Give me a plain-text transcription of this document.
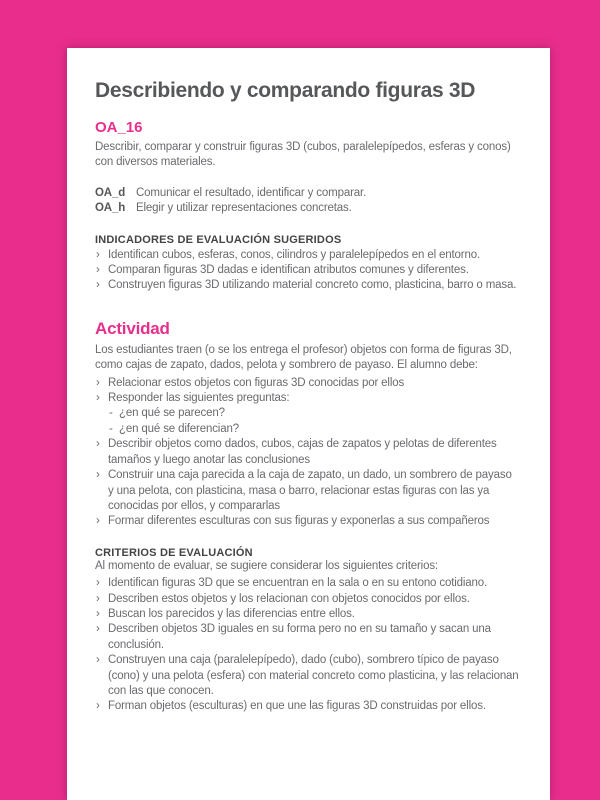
Describiendo y comparando figuras 3D
OA_16

Describir, comparar y construir figuras 3D (cubos, paralelepípedos, esferas y conos) con diversos materiales.

OA_d Comunicar el resultado, identificar y comparar.
OA_h Elegir y utilizar representaciones concretas.
INDICADORES DE EVALUACIÓN SUGERIDOS
› Identifican cubos, esferas, conos, cilindros y paralelepípedos en el entorno.
› Comparan figuras 3D dadas e identifican atributos comunes y diferentes.
› Construyen figuras 3D utilizando material concreto como, plasticina, barro o masa.
Actividad

Los estudiantes traen (o se los entrega el profesor) objetos con forma de figuras 3D, como cajas de zapato, dados, pelota y sombrero de payaso. El alumno debe:

› Relacionar estos objetos con figuras 3D conocidas por ellos
› Responder las siguientes preguntas:
- ¿en qué se parecen?
- ¿en qué se diferencian?
› Describir objetos como dados, cubos, cajas de zapatos y pelotas de diferentes tamaños y luego anotar las conclusiones
› Construir una caja parecida a la caja de zapato, un dado, un sombrero de payaso y una pelota, con plasticina, masa o barro, relacionar estas figuras con las ya conocidas por ellos, y compararlas
› Formar diferentes esculturas con sus figuras y exponerlas a sus compañeros
CRITERIOS DE EVALUACIÓN

Al momento de evaluar, se sugiere considerar los siguientes criterios:

› Identifican figuras 3D que se encuentran en la sala o en su entono cotidiano.
› Describen estos objetos y los relacionan con objetos conocidos por ellos.
› Buscan los parecidos y las diferencias entre ellos.
› Describen objetos 3D iguales en su forma pero no en su tamaño y sacan una conclusión.
› Construyen una caja (paralelepípedo), dado (cubo), sombrero típico de payaso (cono) y una pelota (esfera) con material concreto como plasticina, y las relacionan con las que conocen.
› Forman objetos (esculturas) en que une las figuras 3D construidas por ellos.
